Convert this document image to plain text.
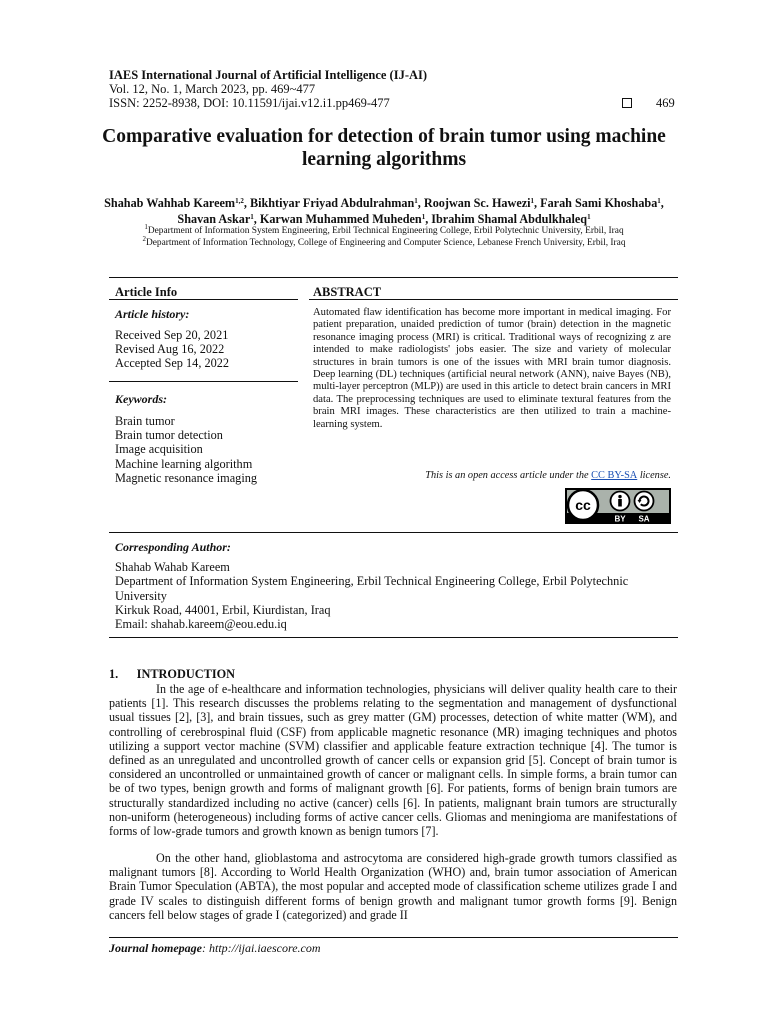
IAES International Journal of Artificial Intelligence (IJ-AI)
Vol. 12, No. 1, March 2023, pp. 469~477
ISSN: 2252-8938, DOI: 10.11591/ijai.v12.i1.pp469-477	469
Comparative evaluation for detection of brain tumor using machine learning algorithms
Shahab Wahhab Kareem$^{1,2}$, Bikhtiyar Friyad Abdulrahman$^1$, Roojwan Sc. Hawezi$^1$, Farah Sami Khoshaba$^1$, Shavan Askar$^1$, Karwan Muhammed Muheden$^1$, Ibrahim Shamal Abdulkhaleq$^1$
$^1$Department of Information System Engineering, Erbil Technical Engineering College, Erbil Polytechnic University, Erbil, Iraq
$^2$Department of Information Technology, College of Engineering and Computer Science, Lebanese French University, Erbil, Iraq
Article Info	ABSTRACT
Article history:
Received Sep 20, 2021
Revised Aug 16, 2022
Accepted Sep 14, 2022
Keywords:
Brain tumor
Brain tumor detection
Image acquisition
Machine learning algorithm
Magnetic resonance imaging
Automated flaw identification has become more important in medical imaging. For patient preparation, unaided prediction of tumor (brain) detection in the magnetic resonance imaging process (MRI) is critical. Traditional ways of recognizing z are intended to make radiologists' jobs easier. The size and variety of molecular structures in brain tumors is one of the issues with MRI brain tumor diagnosis. Deep learning (DL) techniques (artificial neural network (ANN), naive Bayes (NB), multi-layer perceptron (MLP)) are used in this article to detect brain cancers in MRI data. The preprocessing techniques are used to eliminate textural features from the brain MRI images. These characteristics are then utilized to train a machine-learning system.
This is an open access article under the CC BY-SA license.
cc
BY SA
Corresponding Author:
Shahab Wahab Kareem
Department of Information System Engineering, Erbil Technical Engineering College, Erbil Polytechnic University
Kirkuk Road, 44001, Erbil, Kiurdistan, Iraq
Email: shahab.kareem@eou.edu.iq
1.      INTRODUCTION
In the age of e-healthcare and information technologies, physicians will deliver quality health care to their patients [1]. This research discusses the problems relating to the segmentation and management of dysfunctional usual tissues [2], [3], and brain tissues, such as grey matter (GM) processes, detection of white matter (WM), and controlling of cerebrospinal fluid (CSF) from applicable magnetic resonance (MR) imaging techniques and photos utilizing a support vector machine (SVM) classifier and applicable feature extraction technique [4]. The tumor is defined as an unregulated and uncontrolled growth of cancer cells or expansion grid [5]. Concept of brain tumor is considered an uncontrolled or unmaintained growth of cancer or malignant cells. In simple forms, a brain tumor can be of two types, benign growth and forms of malignant growth [6]. For patients, forms of benign brain tumors are structurally standardized including no active (cancer) cells [6]. In patients, malignant brain tumors are structurally non-uniform (heterogeneous) including forms of active cancer cells. Gliomas and meningioma are manifestations of forms of low-grade tumors and growth known as benign tumors [7].
On the other hand, glioblastoma and astrocytoma are considered high-grade growth tumors classified as malignant tumors [8]. According to World Health Organization (WHO) and, brain tumor association of American Brain Tumor Speculation (ABTA), the most popular and accepted mode of classification scheme utilizes grade I and grade IV scales to distinguish different forms of benign growth and malignant tumor growth forms [9]. Benign cancers fell below stages of grade I (categorized) and grade II
Journal homepage: http://ijai.iaescore.com
